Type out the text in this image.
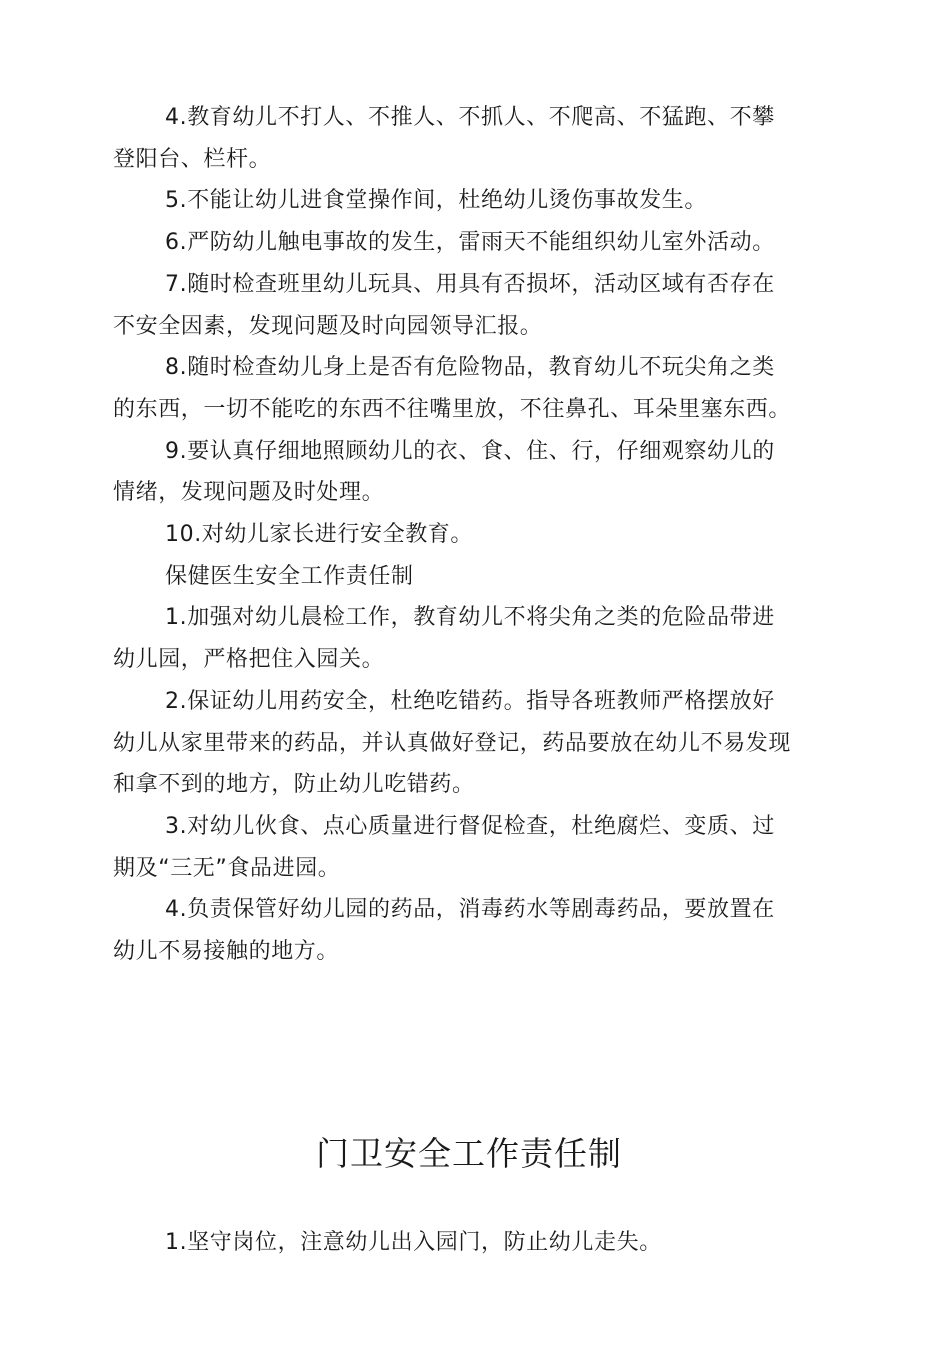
4.教育幼儿不打人、不推人、不抓人、不爬高、不猛跑、不攀登阳台、栏杆。

5.不能让幼儿进食堂操作间，杜绝幼儿烫伤事故发生。

6.严防幼儿触电事故的发生，雷雨天不能组织幼儿室外活动。

7.随时检查班里幼儿玩具、用具有否损坏，活动区域有否存在不安全因素，发现问题及时向园领导汇报。

8.随时检查幼儿身上是否有危险物品，教育幼儿不玩尖角之类的东西，一切不能吃的东西不往嘴里放，不往鼻孔、耳朵里塞东西。

9.要认真仔细地照顾幼儿的衣、食、住、行，仔细观察幼儿的情绪，发现问题及时处理。

10.对幼儿家长进行安全教育。

保健医生安全工作责任制

1.加强对幼儿晨检工作，教育幼儿不将尖角之类的危险品带进幼儿园，严格把住入园关。

2.保证幼儿用药安全，杜绝吃错药。指导各班教师严格摆放好幼儿从家里带来的药品，并认真做好登记，药品要放在幼儿不易发现和拿不到的地方，防止幼儿吃错药。

3.对幼儿伙食、点心质量进行督促检查，杜绝腐烂、变质、过期及“三无”食品进园。

4.负责保管好幼儿园的药品，消毒药水等剧毒药品，要放置在幼儿不易接触的地方。

门卫安全工作责任制

1.坚守岗位，注意幼儿出入园门，防止幼儿走失。
